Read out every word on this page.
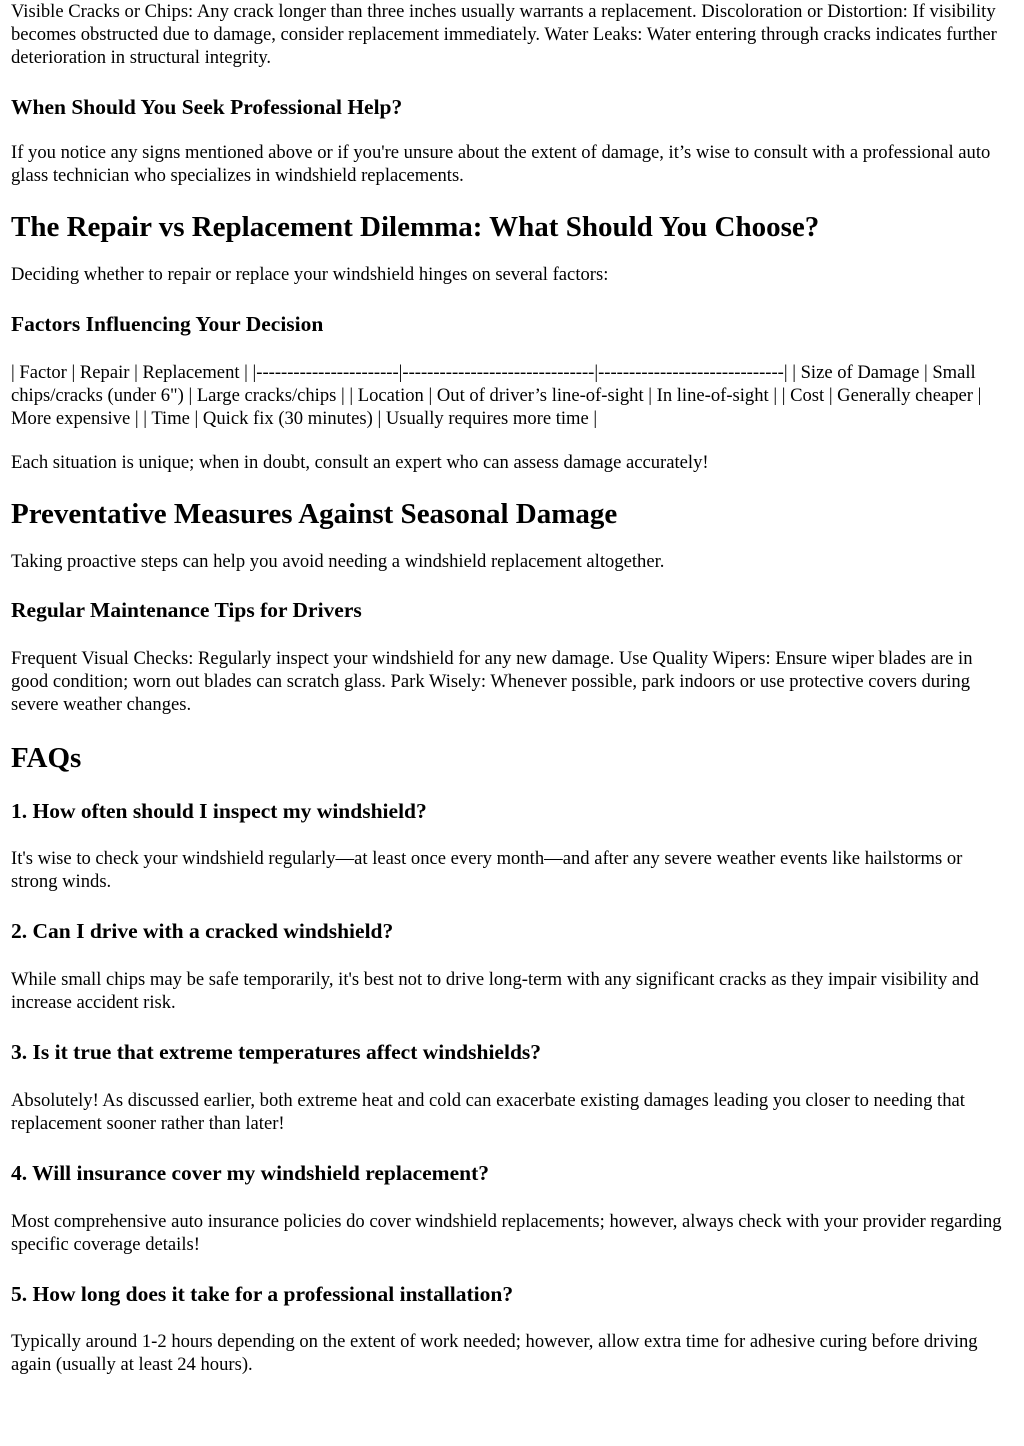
Visible Cracks or Chips: Any crack longer than three inches usually warrants a replacement. Discoloration or Distortion: If visibility becomes obstructed due to damage, consider replacement immediately. Water Leaks: Water entering through cracks indicates further deterioration in structural integrity.

When Should You Seek Professional Help?

If you notice any signs mentioned above or if you're unsure about the extent of damage, it’s wise to consult with a professional auto glass technician who specializes in windshield replacements.

The Repair vs Replacement Dilemma: What Should You Choose?

Deciding whether to repair or replace your windshield hinges on several factors:

Factors Influencing Your Decision

| Factor | Repair | Replacement | |-----------------------|-------------------------------|------------------------------| | Size of Damage | Small chips/cracks (under 6") | Large cracks/chips | | Location | Out of driver’s line-of-sight | In line-of-sight | | Cost | Generally cheaper | More expensive | | Time | Quick fix (30 minutes) | Usually requires more time |

Each situation is unique; when in doubt, consult an expert who can assess damage accurately!

Preventative Measures Against Seasonal Damage

Taking proactive steps can help you avoid needing a windshield replacement altogether.

Regular Maintenance Tips for Drivers

Frequent Visual Checks: Regularly inspect your windshield for any new damage. Use Quality Wipers: Ensure wiper blades are in good condition; worn out blades can scratch glass. Park Wisely: Whenever possible, park indoors or use protective covers during severe weather changes.

FAQs
1. How often should I inspect my windshield?

It's wise to check your windshield regularly—at least once every month—and after any severe weather events like hailstorms or strong winds.

2. Can I drive with a cracked windshield?

While small chips may be safe temporarily, it's best not to drive long-term with any significant cracks as they impair visibility and increase accident risk.

3. Is it true that extreme temperatures affect windshields?

Absolutely! As discussed earlier, both extreme heat and cold can exacerbate existing damages leading you closer to needing that replacement sooner rather than later!

4. Will insurance cover my windshield replacement?

Most comprehensive auto insurance policies do cover windshield replacements; however, always check with your provider regarding specific coverage details!

5. How long does it take for a professional installation?

Typically around 1-2 hours depending on the extent of work needed; however, allow extra time for adhesive curing before driving again (usually at least 24 hours).
